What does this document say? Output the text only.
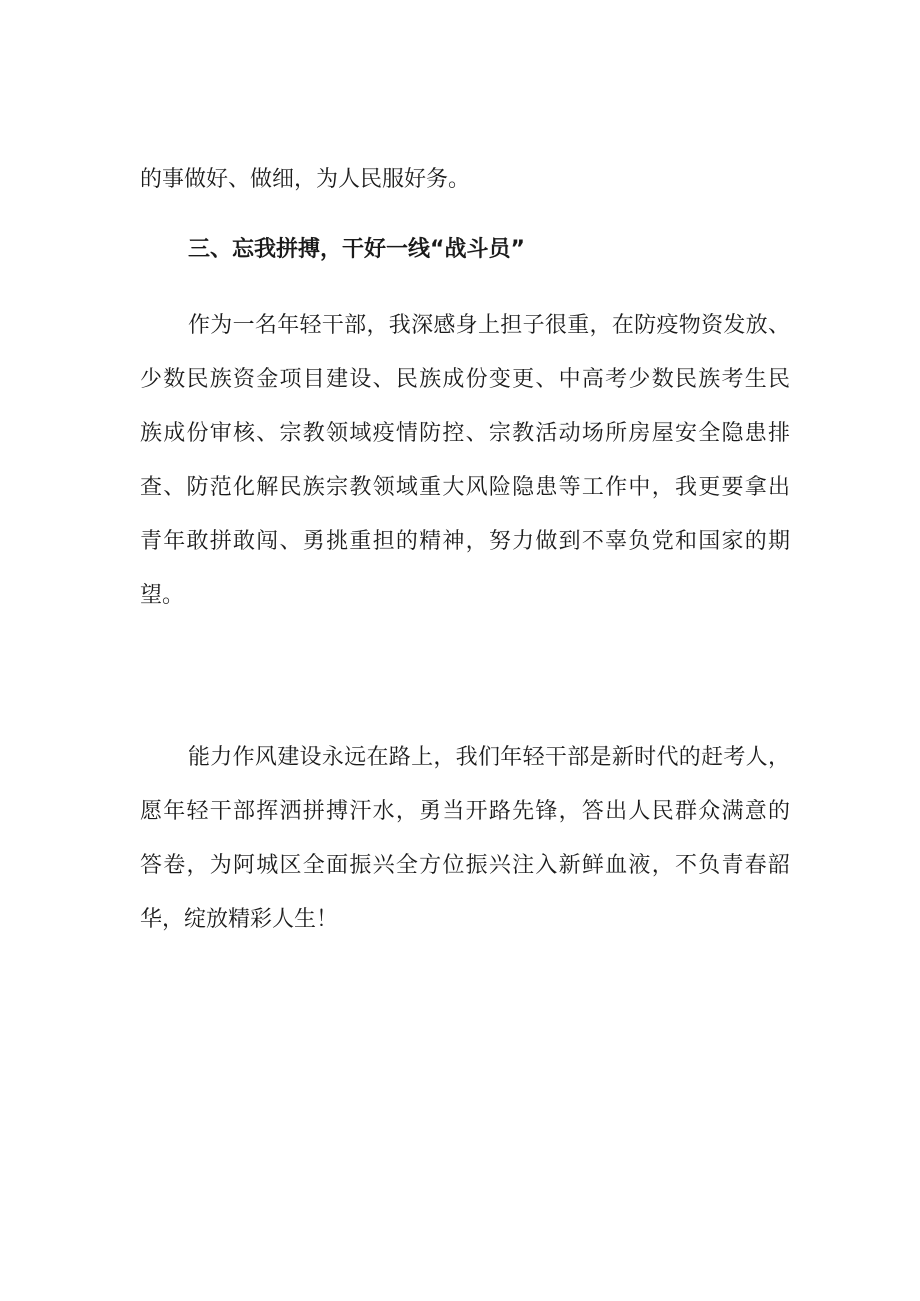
的事做好、做细，为人民服好务。
三、忘我拼搏，干好一线“战斗员”
作为一名年轻干部，我深感身上担子很重，在防疫物资发放、
少数民族资金项目建设、民族成份变更、中高考少数民族考生民
族成份审核、宗教领域疫情防控、宗教活动场所房屋安全隐患排
查、防范化解民族宗教领域重大风险隐患等工作中，我更要拿出
青年敢拼敢闯、勇挑重担的精神，努力做到不辜负党和国家的期
望。
能力作风建设永远在路上，我们年轻干部是新时代的赶考人，
愿年轻干部挥洒拼搏汗水，勇当开路先锋，答出人民群众满意的
答卷，为阿城区全面振兴全方位振兴注入新鲜血液，不负青春韶
华，绽放精彩人生！
